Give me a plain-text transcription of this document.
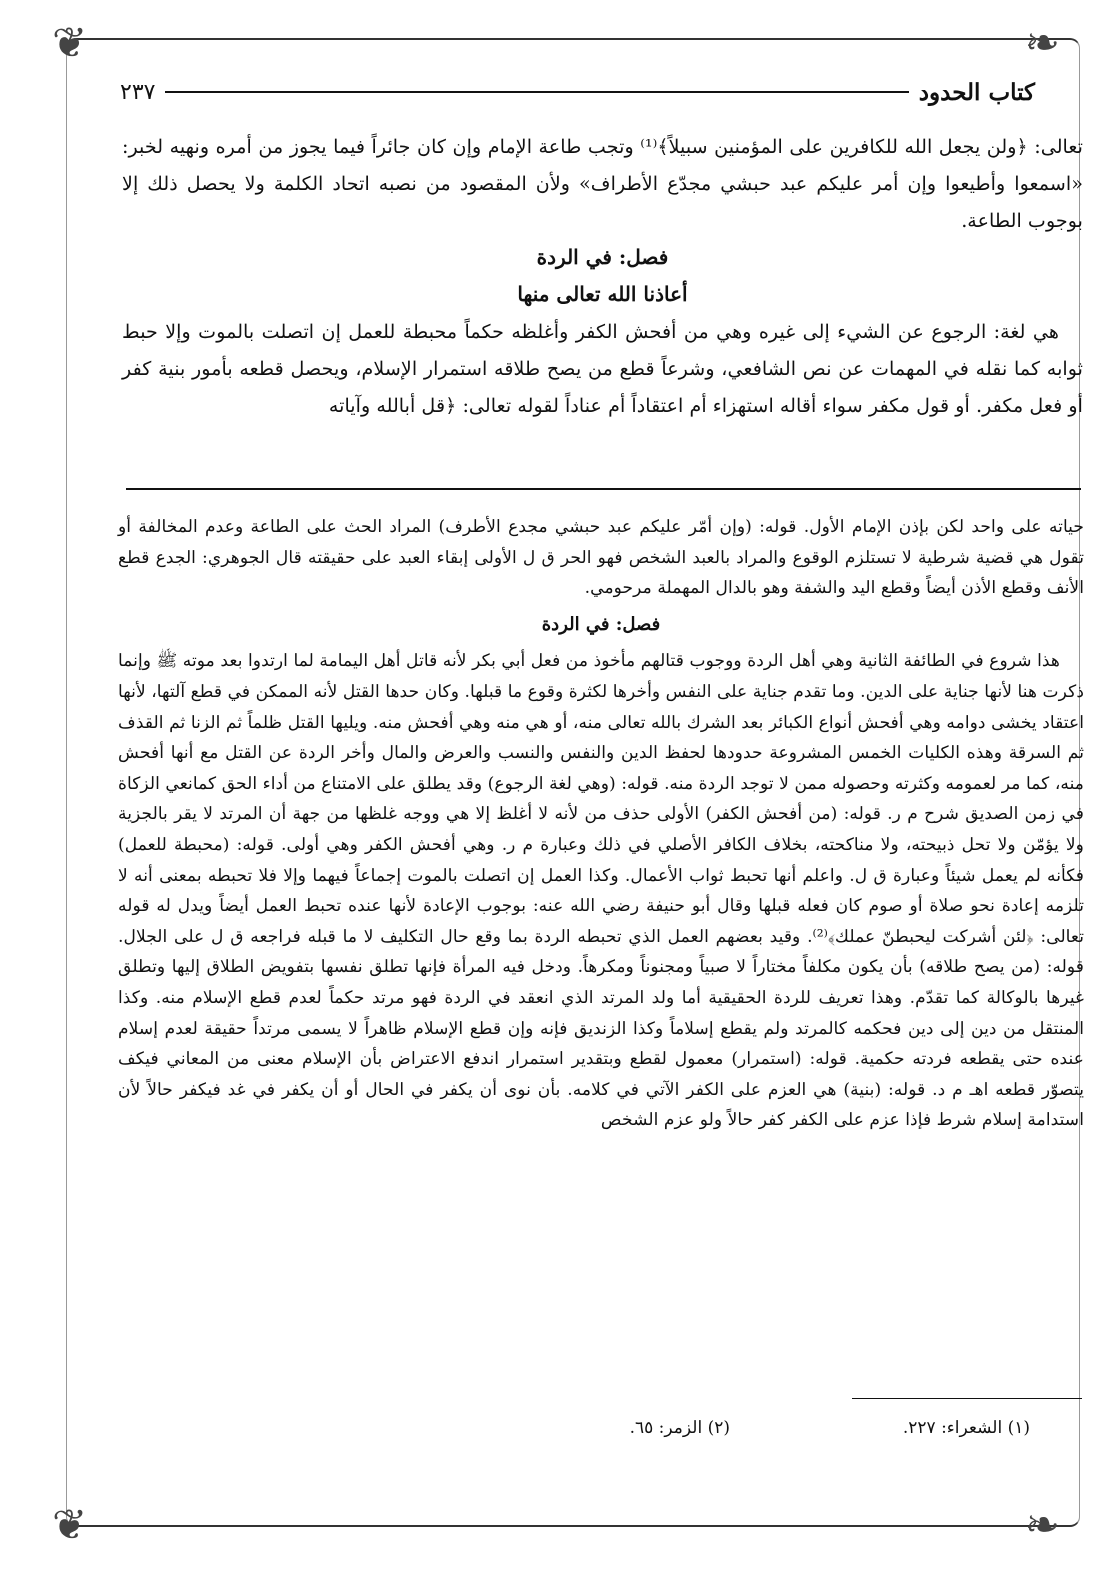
❦	❧
❦	❧
كتاب الحدود
٢٣٧

تعالى: ﴿ولن يجعل الله للكافرين على المؤمنين سبيلاً﴾⁽¹⁾ وتجب طاعة الإمام وإن كان جائراً فيما يجوز من أمره ونهيه لخبر: «اسمعوا وأطيعوا وإن أمر عليكم عبد حبشي مجدّع الأطراف» ولأن المقصود من نصبه اتحاد الكلمة ولا يحصل ذلك إلا بوجوب الطاعة.

فصل: في الردة

أعاذنا الله تعالى منها

هي لغة: الرجوع عن الشيء إلى غيره وهي من أفحش الكفر وأغلظه حكماً محبطة للعمل إن اتصلت بالموت وإلا حبط ثوابه كما نقله في المهمات عن نص الشافعي، وشرعاً قطع من يصح طلاقه استمرار الإسلام، ويحصل قطعه بأمور بنية كفر أو فعل مكفر. أو قول مكفر سواء أقاله استهزاء أم اعتقاداً أم عناداً لقوله تعالى: ﴿قل أبالله وآياته

حياته على واحد لكن بإذن الإمام الأول. قوله: (وإن أمّر عليكم عبد حبشي مجدع الأطرف) المراد الحث على الطاعة وعدم المخالفة أو تقول هي قضية شرطية لا تستلزم الوقوع والمراد بالعبد الشخص فهو الحر ق ل الأولى إبقاء العبد على حقيقته قال الجوهري: الجدع قطع الأنف وقطع الأذن أيضاً وقطع اليد والشفة وهو بالدال المهملة مرحومي.

فصل: في الردة

هذا شروع في الطائفة الثانية وهي أهل الردة ووجوب قتالهم مأخوذ من فعل أبي بكر لأنه قاتل أهل اليمامة لما ارتدوا بعد موته ﷺ وإنما ذكرت هنا لأنها جناية على الدين. وما تقدم جناية على النفس وأخرها لكثرة وقوع ما قبلها. وكان حدها القتل لأنه الممكن في قطع آلتها، لأنها اعتقاد يخشى دوامه وهي أفحش أنواع الكبائر بعد الشرك بالله تعالى منه، أو هي منه وهي أفحش منه. ويليها القتل ظلماً ثم الزنا ثم القذف ثم السرقة وهذه الكليات الخمس المشروعة حدودها لحفظ الدين والنفس والنسب والعرض والمال وأخر الردة عن القتل مع أنها أفحش منه، كما مر لعمومه وكثرته وحصوله ممن لا توجد الردة منه. قوله: (وهي لغة الرجوع) وقد يطلق على الامتناع من أداء الحق كمانعي الزكاة في زمن الصديق شرح م ر. قوله: (من أفحش الكفر) الأولى حذف من لأنه لا أغلظ إلا هي ووجه غلظها من جهة أن المرتد لا يقر بالجزية ولا يؤمّن ولا تحل ذبيحته، ولا مناكحته، بخلاف الكافر الأصلي في ذلك وعبارة م ر. وهي أفحش الكفر وهي أولى. قوله: (محبطة للعمل) فكأنه لم يعمل شيئاً وعبارة ق ل. واعلم أنها تحبط ثواب الأعمال. وكذا العمل إن اتصلت بالموت إجماعاً فيهما وإلا فلا تحبطه بمعنى أنه لا تلزمه إعادة نحو صلاة أو صوم كان فعله قبلها وقال أبو حنيفة رضي الله عنه: بوجوب الإعادة لأنها عنده تحبط العمل أيضاً ويدل له قوله تعالى: ﴿لئن أشركت ليحبطنّ عملك﴾⁽²⁾. وقيد بعضهم العمل الذي تحبطه الردة بما وقع حال التكليف لا ما قبله فراجعه ق ل على الجلال. قوله: (من يصح طلاقه) بأن يكون مكلفاً مختاراً لا صبياً ومجنوناً ومكرهاً. ودخل فيه المرأة فإنها تطلق نفسها بتفويض الطلاق إليها وتطلق غيرها بالوكالة كما تقدّم. وهذا تعريف للردة الحقيقية أما ولد المرتد الذي انعقد في الردة فهو مرتد حكماً لعدم قطع الإسلام منه. وكذا المنتقل من دين إلى دين فحكمه كالمرتد ولم يقطع إسلاماً وكذا الزنديق فإنه وإن قطع الإسلام ظاهراً لا يسمى مرتداً حقيقة لعدم إسلام عنده حتى يقطعه فردته حكمية. قوله: (استمرار) معمول لقطع وبتقدير استمرار اندفع الاعتراض بأن الإسلام معنى من المعاني فيكف يتصوّر قطعه اهـ م د. قوله: (بنية) هي العزم على الكفر الآتي في كلامه. بأن نوى أن يكفر في الحال أو أن يكفر في غد فيكفر حالاً لأن استدامة إسلام شرط فإذا عزم على الكفر كفر حالاً ولو عزم الشخص

(١) الشعراء: ٢٢٧.
(٢) الزمر: ٦٥.
